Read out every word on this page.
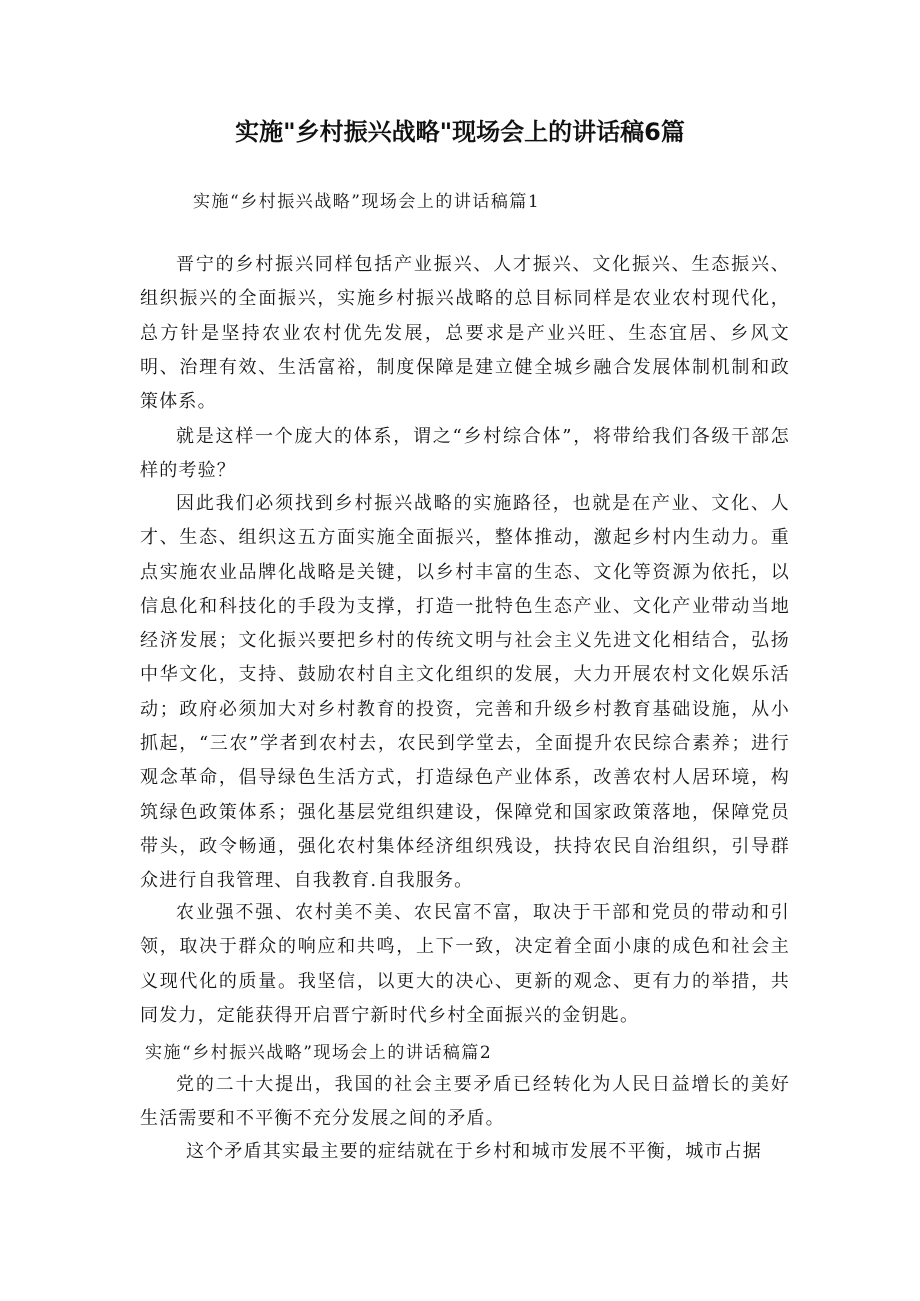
实施"乡村振兴战略"现场会上的讲话稿6篇
实施“乡村振兴战略”现场会上的讲话稿篇1

晋宁的乡村振兴同样包括产业振兴、人才振兴、文化振兴、生态振兴、组织振兴的全面振兴，实施乡村振兴战略的总目标同样是农业农村现代化，总方针是坚持农业农村优先发展，总要求是产业兴旺、生态宜居、乡风文明、治理有效、生活富裕，制度保障是建立健全城乡融合发展体制机制和政策体系。

就是这样一个庞大的体系，谓之“乡村综合体”，将带给我们各级干部怎样的考验？

因此我们必须找到乡村振兴战略的实施路径，也就是在产业、文化、人才、生态、组织这五方面实施全面振兴，整体推动，激起乡村内生动力。重点实施农业品牌化战略是关键，以乡村丰富的生态、文化等资源为依托，以信息化和科技化的手段为支撑，打造一批特色生态产业、文化产业带动当地经济发展；文化振兴要把乡村的传统文明与社会主义先进文化相结合，弘扬中华文化，支持、鼓励农村自主文化组织的发展，大力开展农村文化娱乐活动；政府必须加大对乡村教育的投资，完善和升级乡村教育基础设施，从小抓起，“三农”学者到农村去，农民到学堂去，全面提升农民综合素养；进行观念革命，倡导绿色生活方式，打造绿色产业体系，改善农村人居环境，构筑绿色政策体系；强化基层党组织建设，保障党和国家政策落地，保障党员带头，政令畅通，强化农村集体经济组织残设，扶持农民自治组织，引导群众进行自我管理、自我教育.自我服务。

农业强不强、农村美不美、农民富不富，取决于干部和党员的带动和引领，取决于群众的响应和共鸣，上下一致，决定着全面小康的成色和社会主义现代化的质量。我坚信，以更大的决心、更新的观念、更有力的举措，共同发力，定能获得开启晋宁新时代乡村全面振兴的金钥匙。

实施“乡村振兴战略”现场会上的讲话稿篇2

党的二十大提出，我国的社会主要矛盾已经转化为人民日益增长的美好生活需要和不平衡不充分发展之间的矛盾。

这个矛盾其实最主要的症结就在于乡村和城市发展不平衡，城市占据
